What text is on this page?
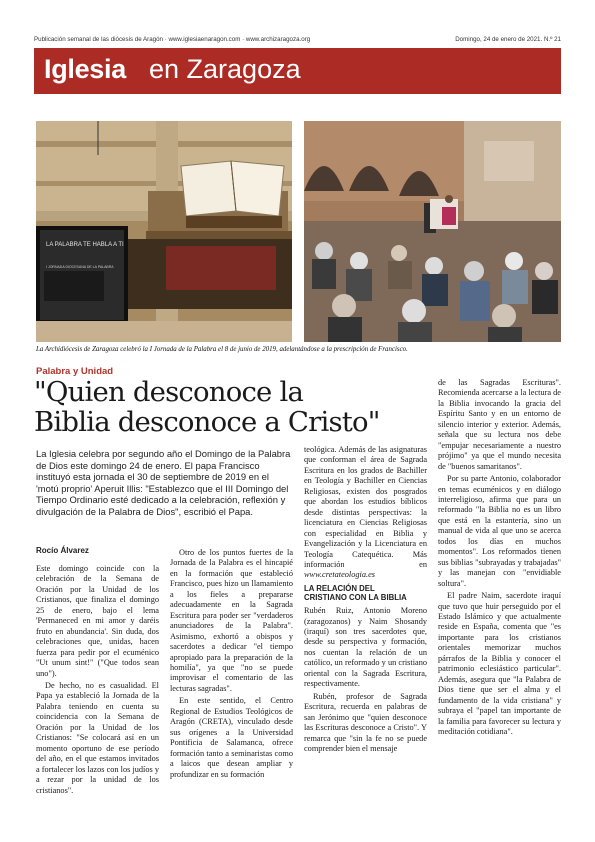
Publicación semanal de las diócesis de Aragón · www.iglesiaenaragon.com · www.archizaragoza.org	Domingo, 24 de enero de 2021. N.º 21
Iglesia en Zaragoza
LA PALABRA TE HABLA A TI
I JORNADA DIOCESANA DE LA PALABRA
La Archidiócesis de Zaragoza celebró la I Jornada de la Palabra el 8 de junio de 2019, adelantándose a la prescripción de Francisco.
Palabra y Unidad
"Quien desconoce la
Biblia desconoce a Cristo"
La Iglesia celebra por segundo año el Domingo de la Palabra de Dios este domingo 24 de enero. El papa Francisco instituyó esta jornada el 30 de septiembre de 2019 en el 'motú proprio' Aperuit Illis: "Establezco que el III Domingo del Tiempo Ordinario esté dedicado a la celebración, reflexión y divulgación de la Palabra de Dios", escribió el Papa.
Rocío Álvarez

Este domingo coincide con la celebración de la Semana de Oración por la Unidad de los Cristianos, que finaliza el domingo 25 de enero, bajo el lema 'Permaneced en mi amor y daréis fruto en abundancia'. Sin duda, dos celebraciones que, unidas, hacen fuerza para pedir por el ecuménico "Ut unum sint!" ("Que todos sean uno").

De hecho, no es casualidad. El Papa ya estableció la Jornada de la Palabra teniendo en cuenta su coincidencia con la Semana de Oración por la Unidad de los Cristianos: "Se colocará así en un momento oportuno de ese período del año, en el que estamos invitados a fortalecer los lazos con los judíos y a rezar por la unidad de los cristianos".

Otro de los puntos fuertes de la Jornada de la Palabra es el hincapié en la formación que estableció Francisco, pues hizo un llamamiento a los fieles a prepararse adecuadamente en la Sagrada Escritura para poder ser "verdaderos anunciadores de la Palabra". Asimismo, exhortó a obispos y sacerdotes a dedicar "el tiempo apropiado para la preparación de la homilía", ya que "no se puede improvisar el comentario de las lecturas sagradas".

En este sentido, el Centro Regional de Estudios Teológicos de Aragón (CRETA), vinculado desde sus orígenes a la Universidad Pontificia de Salamanca, ofrece formación tanto a seminaristas como a laicos que desean ampliar y profundizar en su formación

teológica. Además de las asignaturas que conforman el área de Sagrada Escritura en los grados de Bachiller en Teología y Bachiller en Ciencias Religiosas, existen dos posgrados que abordan los estudios bíblicos desde distintas perspectivas: la licenciatura en Ciencias Religiosas con especialidad en Biblia y Evangelización y la Licenciatura en Teología Catequética. Más información en www.cretateologia.es

LA RELACIÓN DEL
CRISTIANO CON LA BIBLIA

Rubén Ruiz, Antonio Moreno (zaragozanos) y Naim Shosandy (iraquí) son tres sacerdotes que, desde su perspectiva y formación, nos cuentan la relación de un católico, un reformado y un cristiano oriental con la Sagrada Escritura, respectivamente.

Rubén, profesor de Sagrada Escritura, recuerda en palabras de san Jerónimo que "quien desconoce las Escrituras desconoce a Cristo". Y remarca que "sin la fe no se puede comprender bien el mensaje

de las Sagradas Escrituras". Recomienda acercarse a la lectura de la Biblia invocando la gracia del Espíritu Santo y en un entorno de silencio interior y exterior. Además, señala que su lectura nos debe "empujar necesariamente a nuestro prójimo" ya que el mundo necesita de "buenos samaritanos".

Por su parte Antonio, colaborador en temas ecuménicos y en diálogo interreligioso, afirma que para un reformado "la Biblia no es un libro que está en la estantería, sino un manual de vida al que uno se acerca todos los días en muchos momentos". Los reformados tienen sus biblias "subrayadas y trabajadas" y las manejan con "envidiable soltura".

El padre Naim, sacerdote iraquí que tuvo que huir perseguido por el Estado Islámico y que actualmente reside en España, comenta que "es importante para los cristianos orientales memorizar muchos párrafos de la Biblia y conocer el patrimonio eclesiástico particular". Además, asegura que "la Palabra de Dios tiene que ser el alma y el fundamento de la vida cristiana" y subraya el "papel tan importante de la familia para favorecer su lectura y meditación cotidiana".
